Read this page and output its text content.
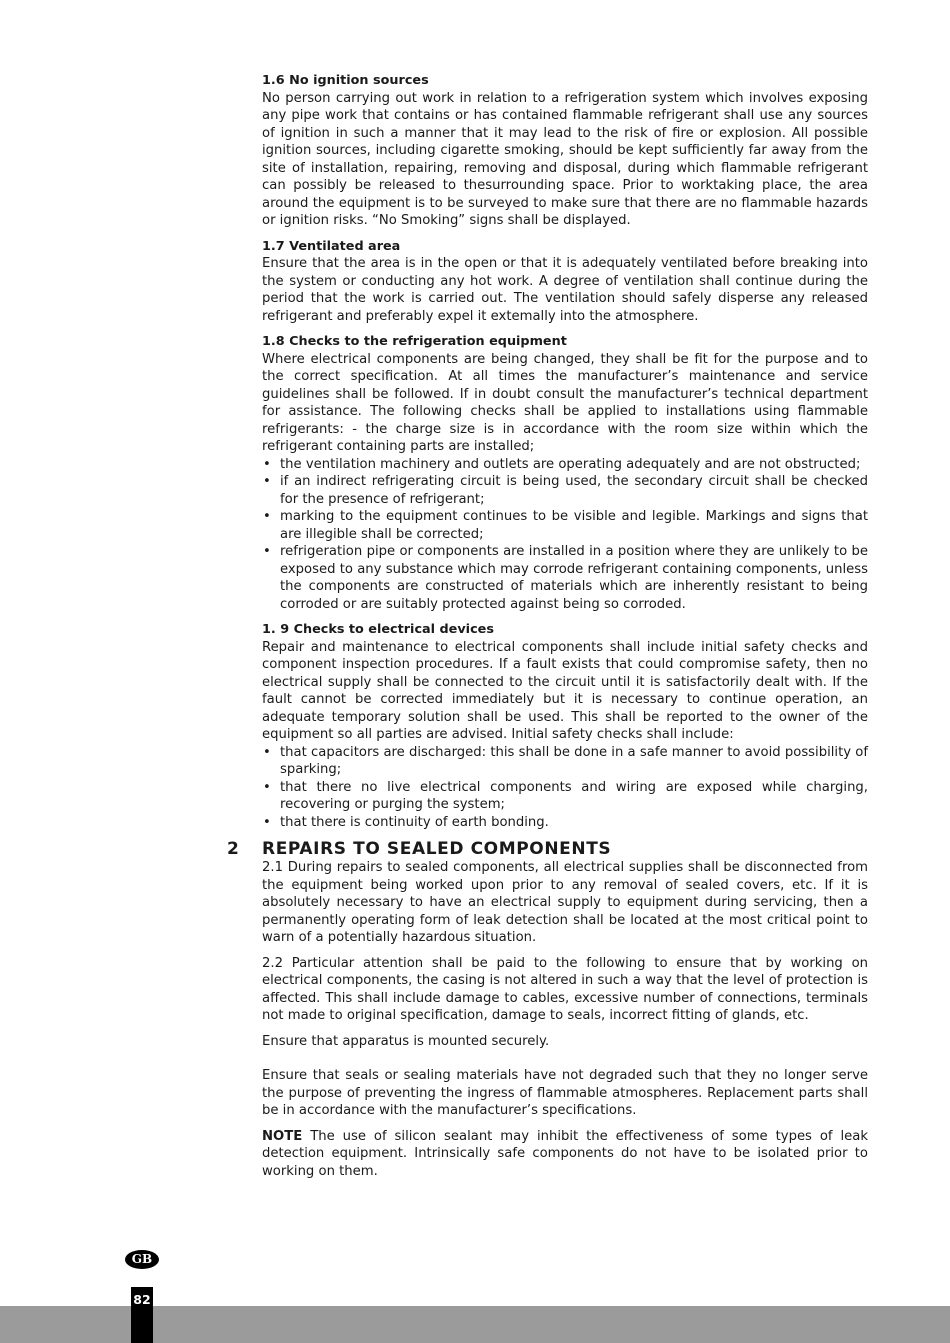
1.6 No ignition sources

No person carrying out work in relation to a refrigeration system which involves exposing any pipe work that contains or has contained flammable refrigerant shall use any sources of ignition in such a manner that it may lead to the risk of fire or explosion. All possible ignition sources, including cigarette smoking, should be kept sufficiently far away from the site of installation, repairing, removing and disposal, during which flammable refrigerant can possibly be released to thesurrounding space. Prior to worktaking place, the area around the equipment is to be surveyed to make sure that there are no flammable hazards or ignition risks. “No Smoking” signs shall be displayed.

1.7 Ventilated area

Ensure that the area is in the open or that it is adequately ventilated before breaking into the system or conducting any hot work. A degree of ventilation shall continue during the period that the work is carried out. The ventilation should safely disperse any released refrigerant and preferably expel it extemally into the atmosphere.

1.8 Checks to the refrigeration equipment

Where electrical components are being changed, they shall be fit for the purpose and to the correct specification. At all times the manufacturer’s maintenance and service guidelines shall be followed. If in doubt consult the manufacturer’s technical department for assistance. The following checks shall be applied to installations using flammable refrigerants: - the charge size is in accordance with the room size within which the refrigerant containing parts are installed;

• the ventilation machinery and outlets are operating adequately and are not obstructed;
• if an indirect refrigerating circuit is being used, the secondary circuit shall be checked for the presence of refrigerant;
• marking to the equipment continues to be visible and legible. Markings and signs that are illegible shall be corrected;
• refrigeration pipe or components are installed in a position where they are unlikely to be exposed to any substance which may corrode refrigerant containing components, unless the components are constructed of materials which are inherently resistant to being corroded or are suitably protected against being so corroded.
1. 9 Checks to electrical devices

Repair and maintenance to electrical components shall include initial safety checks and component inspection procedures. If a fault exists that could compromise safety, then no electrical supply shall be connected to the circuit until it is satisfactorily dealt with. If the fault cannot be corrected immediately but it is necessary to continue operation, an adequate temporary solution shall be used. This shall be reported to the owner of the equipment so all parties are advised. Initial safety checks shall include:

• that capacitors are discharged: this shall be done in a safe manner to avoid possibility of sparking;
• that there no live electrical components and wiring are exposed while charging, recovering or purging the system;
• that there is continuity of earth bonding.
2 REPAIRS TO SEALED COMPONENTS

2.1 During repairs to sealed components, all electrical supplies shall be disconnected from the equipment being worked upon prior to any removal of sealed covers, etc. If it is absolutely necessary to have an electrical supply to equipment during servicing, then a permanently operating form of leak detection shall be located at the most critical point to warn of a potentially hazardous situation.

2.2 Particular attention shall be paid to the following to ensure that by working on electrical components, the casing is not altered in such a way that the level of protection is affected. This shall include damage to cables, excessive number of connections, terminals not made to original specification, damage to seals, incorrect fitting of glands, etc.

Ensure that apparatus is mounted securely.

Ensure that seals or sealing materials have not degraded such that they no longer serve the purpose of preventing the ingress of flammable atmospheres. Replacement parts shall be in accordance with the manufacturer’s specifications.

NOTE The use of silicon sealant may inhibit the effectiveness of some types of leak detection equipment. Intrinsically safe components do not have to be isolated prior to working on them.

GB
82
